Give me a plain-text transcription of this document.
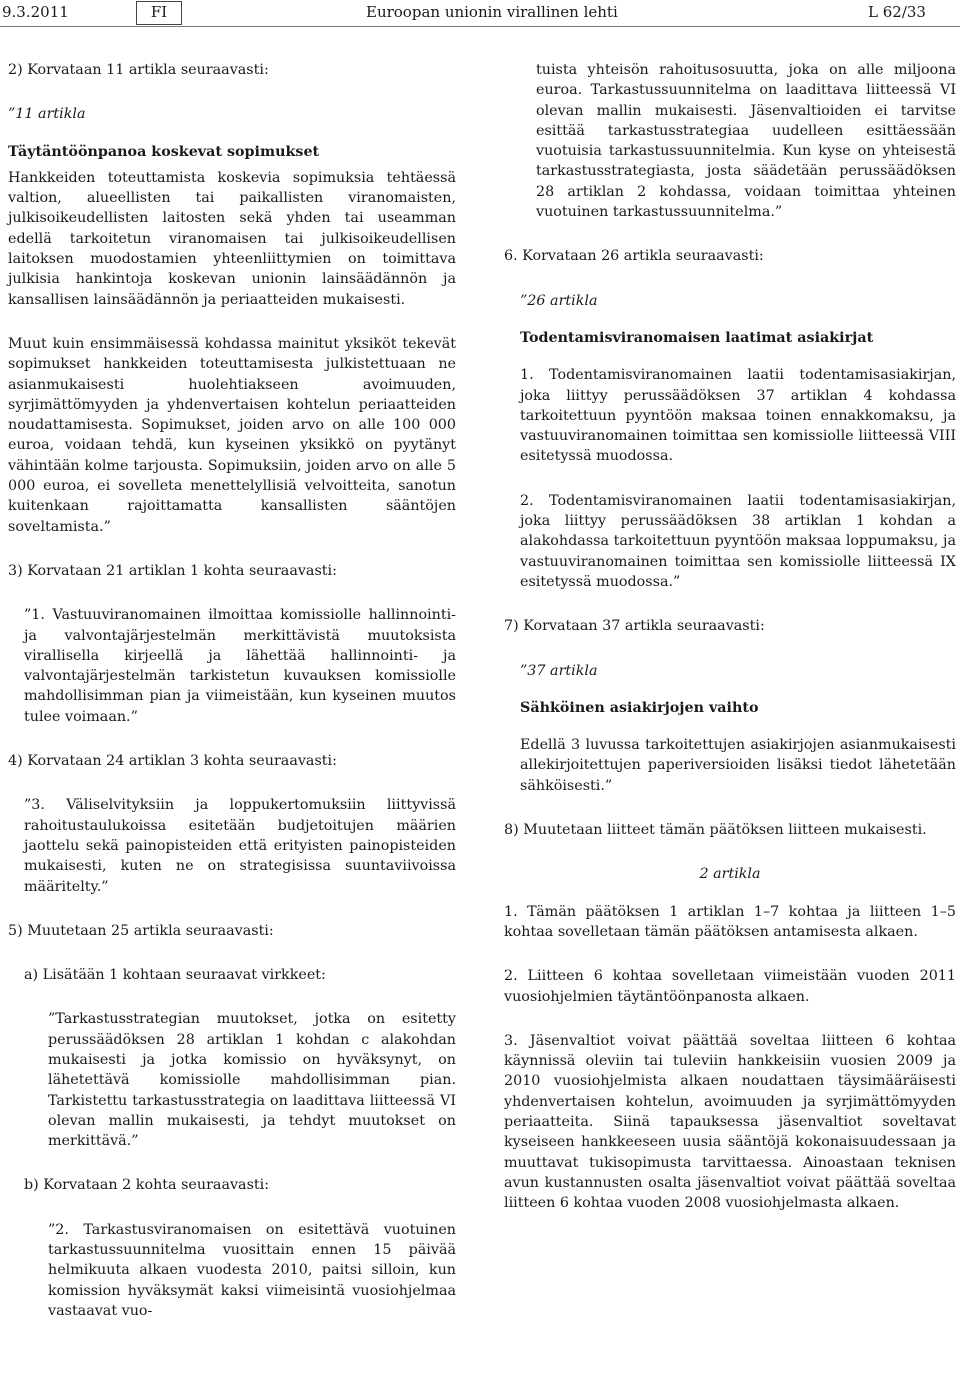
9.3.2011	FI	Euroopan unionin virallinen lehti	L 62/33

2) Korvataan 11 artikla seuraavasti:

”11 artikla

Täytäntöönpanoa koskevat sopimukset

Hankkeiden toteuttamista koskevia sopimuksia tehtäessä valtion, alueellisten tai paikallisten viranomaisten, julkisoikeudellisten laitosten sekä yhden tai useamman edellä tarkoitetun viranomaisen tai julkisoikeudellisen laitoksen muodostamien yhteenliittymien on toimittava julkisia hankintoja koskevan unionin lainsäädännön ja kansallisen lainsäädännön ja periaatteiden mukaisesti.

Muut kuin ensimmäisessä kohdassa mainitut yksiköt tekevät sopimukset hankkeiden toteuttamisesta julkistettuaan ne asianmukaisesti huolehtiakseen avoimuuden, syrjimättömyyden ja yhdenvertaisen kohtelun periaatteiden noudattamisesta. Sopimukset, joiden arvo on alle 100 000 euroa, voidaan tehdä, kun kyseinen yksikkö on pyytänyt vähintään kolme tarjousta. Sopimuksiin, joiden arvo on alle 5 000 euroa, ei sovelleta menettelyllisiä velvoitteita, sanotun kuitenkaan rajoittamatta kansallisten sääntöjen soveltamista.”

3) Korvataan 21 artiklan 1 kohta seuraavasti:

”1. Vastuuviranomainen ilmoittaa komissiolle hallinnointi- ja valvontajärjestelmän merkittävistä muutoksista virallisella kirjeellä ja lähettää hallinnointi- ja valvontajärjestelmän tarkistetun kuvauksen komissiolle mahdollisimman pian ja viimeistään, kun kyseinen muutos tulee voimaan.”

4) Korvataan 24 artiklan 3 kohta seuraavasti:

”3. Väliselvityksiin ja loppukertomuksiin liittyvissä rahoitustaulukoissa esitetään budjetoitujen määrien jaottelu sekä painopisteiden että erityisten painopisteiden mukaisesti, kuten ne on strategisissa suuntaviivoissa määritelty.”

5) Muutetaan 25 artikla seuraavasti:

a) Lisätään 1 kohtaan seuraavat virkkeet:

”Tarkastusstrategian muutokset, jotka on esitetty perussäädöksen 28 artiklan 1 kohdan c alakohdan mukaisesti ja jotka komissio on hyväksynyt, on lähetettävä komissiolle mahdollisimman pian. Tarkistettu tarkastusstrategia on laadittava liitteessä VI olevan mallin mukaisesti, ja tehdyt muutokset on merkittävä.”

b) Korvataan 2 kohta seuraavasti:

”2. Tarkastusviranomaisen on esitettävä vuotuinen tarkastussuunnitelma vuosittain ennen 15 päivää helmikuuta alkaen vuodesta 2010, paitsi silloin, kun komission hyväksymät kaksi viimeisintä vuosiohjelmaa vastaavat vuo-

tuista yhteisön rahoitusosuutta, joka on alle miljoona euroa. Tarkastussuunnitelma on laadittava liitteessä VI olevan mallin mukaisesti. Jäsenvaltioiden ei tarvitse esittää tarkastusstrategiaa uudelleen esittäessään vuotuisia tarkastussuunnitelmia. Kun kyse on yhteisestä tarkastusstrategiasta, josta säädetään perussäädöksen 28 artiklan 2 kohdassa, voidaan toimittaa yhteinen vuotuinen tarkastussuunnitelma.”

6. Korvataan 26 artikla seuraavasti:

”26 artikla

Todentamisviranomaisen laatimat asiakirjat

1. Todentamisviranomainen laatii todentamisasiakirjan, joka liittyy perussäädöksen 37 artiklan 4 kohdassa tarkoitettuun pyyntöön maksaa toinen ennakkomaksu, ja vastuuviranomainen toimittaa sen komissiolle liitteessä VIII esitetyssä muodossa.

2. Todentamisviranomainen laatii todentamisasiakirjan, joka liittyy perussäädöksen 38 artiklan 1 kohdan a alakohdassa tarkoitettuun pyyntöön maksaa loppumaksu, ja vastuuviranomainen toimittaa sen komissiolle liitteessä IX esitetyssä muodossa.”

7) Korvataan 37 artikla seuraavasti:

”37 artikla

Sähköinen asiakirjojen vaihto

Edellä 3 luvussa tarkoitettujen asiakirjojen asianmukaisesti allekirjoitettujen paperiversioiden lisäksi tiedot lähetetään sähköisesti.”

8) Muutetaan liitteet tämän päätöksen liitteen mukaisesti.

2 artikla

1. Tämän päätöksen 1 artiklan 1–7 kohtaa ja liitteen 1–5 kohtaa sovelletaan tämän päätöksen antamisesta alkaen.

2. Liitteen 6 kohtaa sovelletaan viimeistään vuoden 2011 vuosiohjelmien täytäntöönpanosta alkaen.

3. Jäsenvaltiot voivat päättää soveltaa liitteen 6 kohtaa käynnissä oleviin tai tuleviin hankkeisiin vuosien 2009 ja 2010 vuosiohjelmista alkaen noudattaen täysimääräisesti yhdenvertaisen kohtelun, avoimuuden ja syrjimättömyyden periaatteita. Siinä tapauksessa jäsenvaltiot soveltavat kyseiseen hankkeeseen uusia sääntöjä kokonaisuudessaan ja muuttavat tukisopimusta tarvittaessa. Ainoastaan teknisen avun kustannusten osalta jäsenvaltiot voivat päättää soveltaa liitteen 6 kohtaa vuoden 2008 vuosiohjelmasta alkaen.
